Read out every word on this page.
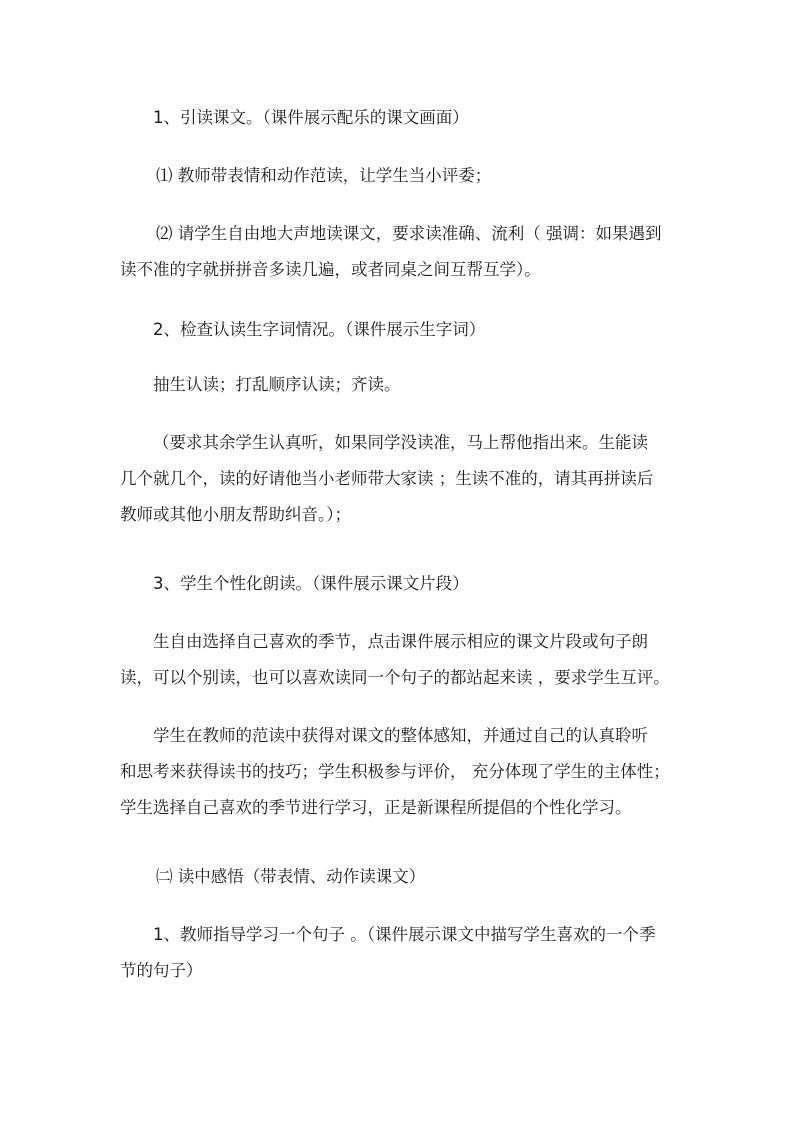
1、引读课文。（课件展示配乐的课文画面）
⑴ 教师带表情和动作范读，让学生当小评委；
⑵ 请学生自由地大声地读课文，要求读准确、流利（ 强调：如果遇到
读不准的字就拼拼音多读几遍，或者同桌之间互帮互学）。
2、检查认读生字词情况。（课件展示生字词）
抽生认读；打乱顺序认读；齐读。
（要求其余学生认真听，如果同学没读准，马上帮他指出来。生能读
几个就几个，读的好请他当小老师带大家读 ；生读不准的，请其再拼读后
教师或其他小朋友帮助纠音。）；
3、学生个性化朗读。（课件展示课文片段）
生自由选择自己喜欢的季节，点击课件展示相应的课文片段或句子朗
读，可以个别读，也可以喜欢读同一个句子的都站起来读 ，要求学生互评。
学生在教师的范读中获得对课文的整体感知，并通过自己的认真聆听
和思考来获得读书的技巧；学生积极参与评价， 充分体现了学生的主体性；
学生选择自己喜欢的季节进行学习，正是新课程所提倡的个性化学习。
㈡ 读中感悟（带表情、动作读课文）
1、教师指导学习一个句子 。（课件展示课文中描写学生喜欢的一个季
节的句子）
